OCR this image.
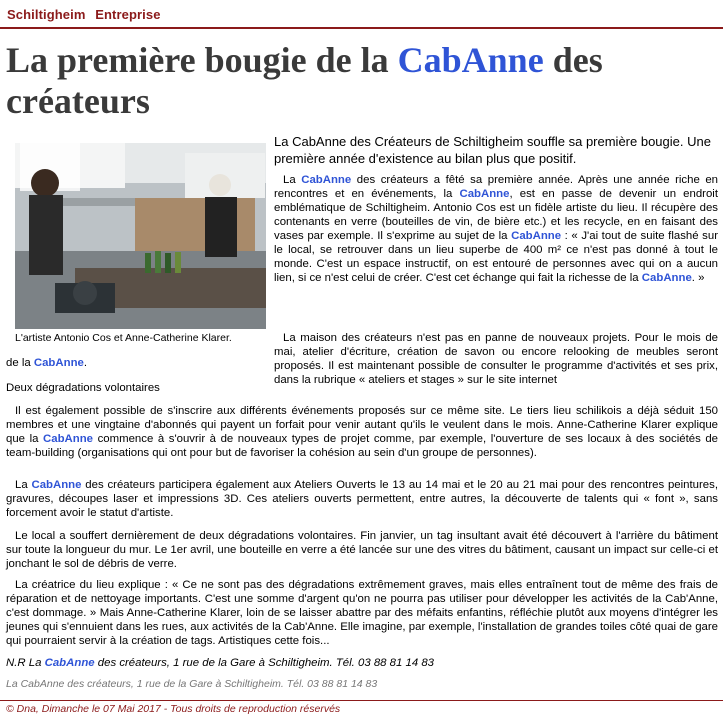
Schiltigheim Entreprise
La première bougie de la CabAnne des créateurs
L'artiste Antonio Cos et Anne-Catherine Klarer.

La CabAnne des Créateurs de Schiltigheim souffle sa première bougie. Une première année d'existence au bilan plus que positif.

La CabAnne des créateurs a fêté sa première année. Après une année riche en rencontres et en événements, la CabAnne, est en passe de devenir un endroit emblématique de Schiltigheim. Antonio Cos est un fidèle artiste du lieu. Il récupère des contenants en verre (bouteilles de vin, de bière etc.) et les recycle, en en faisant des vases par exemple. Il s'exprime au sujet de la CabAnne : « J'ai tout de suite flashé sur le local, se retrouver dans un lieu superbe de 400 m² ce n'est pas donné à tout le monde. C'est un espace instructif, on est entouré de personnes avec qui on a aucun lien, si ce n'est celui de créer. C'est cet échange qui fait la richesse de la CabAnne. »

La maison des créateurs n'est pas en panne de nouveaux projets. Pour le mois de mai, atelier d'écriture, création de savon ou encore relooking de meubles seront proposés. Il est maintenant possible de consulter le programme d'activités et ses prix, dans la rubrique « ateliers et stages » sur le site internet

de la CabAnne.

Deux dégradations volontaires

Il est également possible de s'inscrire aux différents événements proposés sur ce même site. Le tiers lieu schilikois a déjà séduit 150 membres et une vingtaine d'abonnés qui payent un forfait pour venir autant qu'ils le veulent dans le mois. Anne-Catherine Klarer explique que la CabAnne commence à s'ouvrir à de nouveaux types de projet comme, par exemple, l'ouverture de ses locaux à des sociétés de team-building (organisations qui ont pour but de favoriser la cohésion au sein d'un groupe de personnes).

La CabAnne des créateurs participera également aux Ateliers Ouverts le 13 au 14 mai et le 20 au 21 mai pour des rencontres peintures, gravures, découpes laser et impressions 3D. Ces ateliers ouverts permettent, entre autres, la découverte de talents qui « font », sans forcement avoir le statut d'artiste.

Le local a souffert dernièrement de deux dégradations volontaires. Fin janvier, un tag insultant avait été découvert à l'arrière du bâtiment sur toute la longueur du mur. Le 1er avril, une bouteille en verre a été lancée sur une des vitres du bâtiment, causant un impact sur celle-ci et jonchant le sol de débris de verre.

La créatrice du lieu explique : « Ce ne sont pas des dégradations extrêmement graves, mais elles entraînent tout de même des frais de réparation et de nettoyage importants. C'est une somme d'argent qu'on ne pourra pas utiliser pour développer les activités de la Cab'Anne, c'est dommage. » Mais Anne-Catherine Klarer, loin de se laisser abattre par des méfaits enfantins, réfléchie plutôt aux moyens d'intégrer les jeunes qui s'ennuient dans les rues, aux activités de la Cab'Anne. Elle imagine, par exemple, l'installation de grandes toiles côté quai de gare qui pourraient servir à la création de tags. Artistiques cette fois...

N.R La CabAnne des créateurs, 1 rue de la Gare à Schiltigheim. Tél. 03 88 81 14 83

La CabAnne des créateurs, 1 rue de la Gare à Schiltigheim. Tél. 03 88 81 14 83
© Dna, Dimanche le 07 Mai 2017 - Tous droits de reproduction réservés
